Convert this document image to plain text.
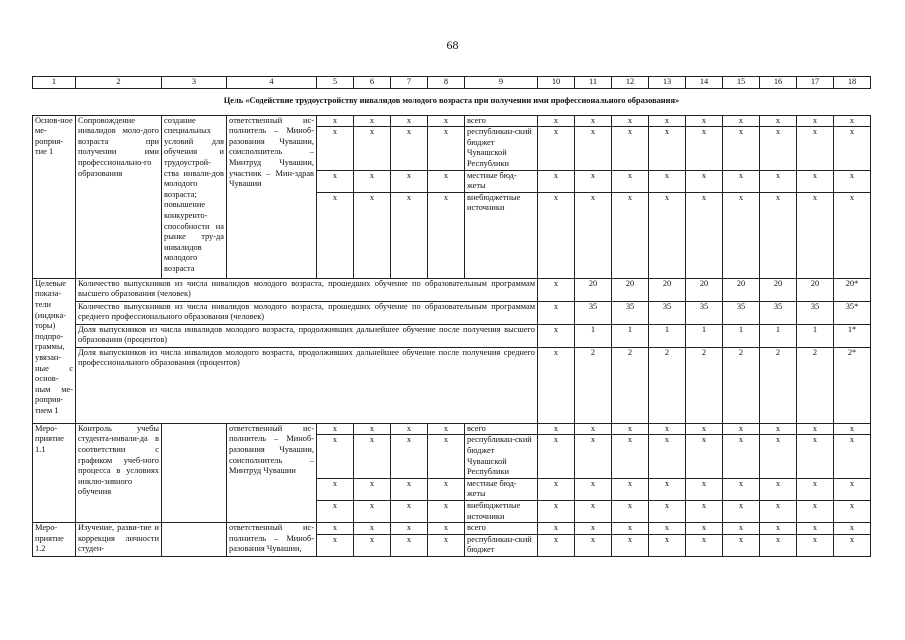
68
1	2	3	4	5	6	7	8	9	10	11	12	13	14	15	16	17	18	
Цель «Содействие трудоустройству инвалидов молодого возраста при получении ими профессионального образования»																		
Основ-ное ме-роприя-тие 1	Сопровождение инвалидов моло-дого возраста при получении ими профессионально-го образования	создание специальных условий для обучения и трудоустрой-ства инвали-дов молодого возраста; повышение конкуренто-способности на рынке тру-да инвалидов молодого возраста	ответственный ис-полнитель – Миноб-разования Чувашии, соисполнитель – Минтруд Чувашии, участник – Мин-здрав Чувашии	x	x	x	x	всего	x	x	x	x	x	x	x	x	x	
				x	x	x	x	республикан-ский бюджет Чувашской Республики	x	x	x	x	x	x	x	x	x	
				x	x	x	x	местные бюд-жеты	x	x	x	x	x	x	x	x	x	
				x	x	x	x	внебюджетные источники	x	x	x	x	x	x	x	x	x	
Целевые показа-тели (индика-торы) подпро-граммы, увязан-ные с основ-ным ме-роприя-тием 1	Количество выпускников из числа инвалидов молодого возраста, прошедших обучение по образовательным программам высшего образования (человек)								x	20	20	20	20	20	20	20	20*	
	Количество выпускников из числа инвалидов молодого возраста, прошедших обучение по образовательным программам среднего профессионального образования (человек)								x	35	35	35	35	35	35	35	35*	
	Доля выпускников из числа инвалидов молодого возраста, продолживших дальнейшее обучение после получения высшего образования (процентов)								x	1	1	1	1	1	1	1	1*	
	Доля выпускников из числа инвалидов молодого возраста, продолживших дальнейшее обучение после получения среднего профессионального образования (процентов)								x	2	2	2	2	2	2	2	2*	
Меро-приятие 1.1	Контроль учебы студента-инвали-да в соответствии с графиком учеб-ного процесса в условиях инклю-зивного обучения		ответственный ис-полнитель – Миноб-разования Чувашии, соисполнитель – Минтруд Чувашии	x	x	x	x	всего	x	x	x	x	x	x	x	x	x	
				x	x	x	x	республикан-ский бюджет Чувашской Республики	x	x	x	x	x	x	x	x	x	
				x	x	x	x	местные бюд-жеты	x	x	x	x	x	x	x	x	x	
				x	x	x	x	внебюджетные источники	x	x	x	x	x	x	x	x	x	
Меро-приятие 1.2	Изучение, разви-тие и коррекция личности студен-		ответственный ис-полнитель – Миноб-разования Чувашии,	x	x	x	x	всего	x	x	x	x	x	x	x	x	x	
				x	x	x	x	республикан-ский бюджет	x	x	x	x	x	x	x	x	x	
